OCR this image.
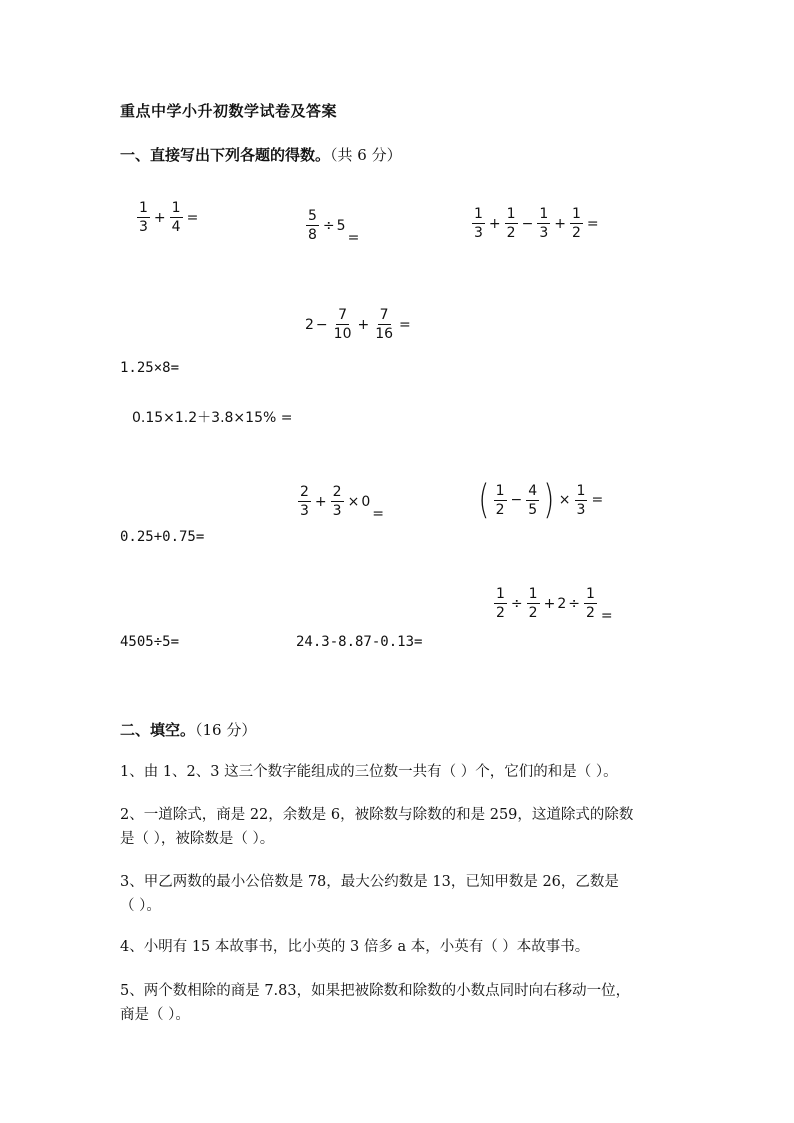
重点中学小升初数学试卷及答案
一、直接写出下列各题的得数。（共 6 分）
$\frac{1}{3} + \frac{1}{4}$ =	$\frac{5}{8} \div 5$
=	$\frac{1}{3} + \frac{1}{2} - \frac{1}{3} + \frac{1}{2}$ =
$2 - \frac{7}{10} + \frac{7}{16}$ =
1.25×8=
0.15×1.2＋3.8×15% =
$\frac{2}{3} + \frac{2}{3} \times 0$
= ( $\frac{1}{2} - \frac{4}{5}$ ) × $\frac{1}{3}$ =
0.25+0.75=
$\frac{1}{2} \div \frac{1}{2} + 2 \div \frac{1}{2}$ =
4505÷5=	24.3-8.87-0.13=
二、填空。（16 分）
1、由 1、2、3 这三个数字能组成的三位数一共有（ ）个，它们的和是（ ）。
2、一道除式，商是 22，余数是 6，被除数与除数的和是 259，这道除式的除数
是（ ），被除数是（ ）。
3、甲乙两数的最小公倍数是 78，最大公约数是 13，已知甲数是 26，乙数是
（ ）。
4、小明有 15 本故事书，比小英的 3 倍多 a 本，小英有（ ）本故事书。
5、两个数相除的商是 7.83，如果把被除数和除数的小数点同时向右移动一位，
商是（ ）。
